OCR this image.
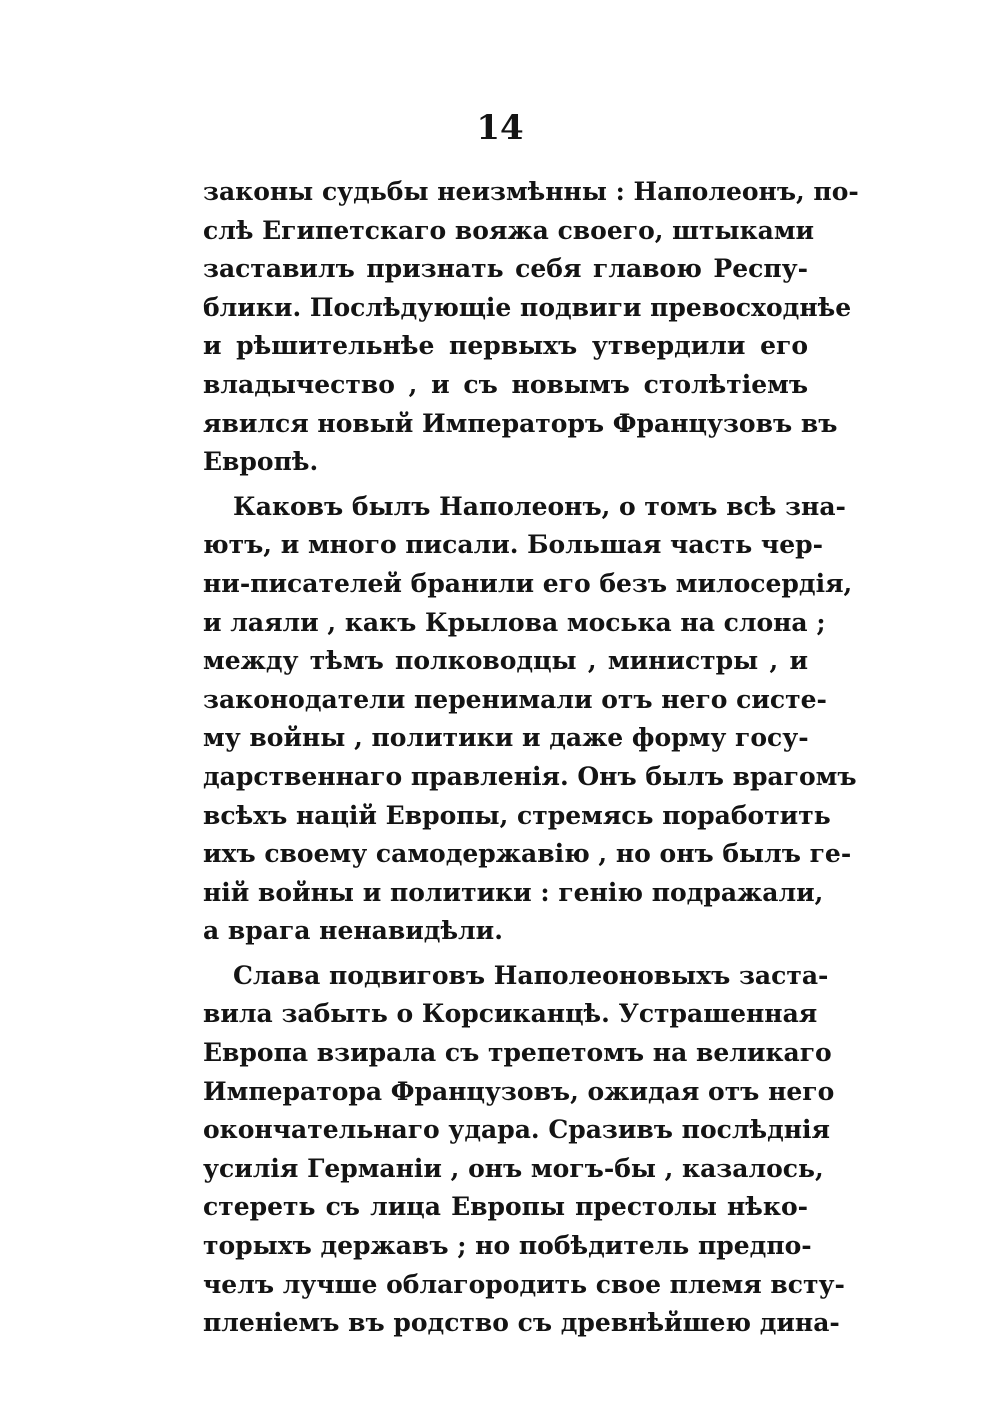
14
законы судьбы неизмѣнны : Наполеонъ, по-
слѣ Египетскаго вояжа своего, штыками
заставилъ признать себя главою Респу-
блики. Послѣдующіе подвиги превосходнѣе
и рѣшительнѣе первыхъ утвердили его
владычество , и съ новымъ столѣтіемъ
явился новый Императоръ Французовъ въ
Европѣ.
Каковъ былъ Наполеонъ, о томъ всѣ зна-
ютъ, и много писали. Большая часть чер-
ни-писателей бранили его безъ милосердія,
и лаяли , какъ Крылова моська на слона ;
между тѣмъ полководцы , министры , и
законодатели перенимали отъ него систе-
му войны , политики и даже форму госу-
дарственнаго правленія. Онъ былъ врагомъ
всѣхъ націй Европы, стремясь поработить
ихъ своему самодержавію , но онъ былъ ге-
ній войны и политики : генію подражали,
а врага ненавидѣли.
Слава подвиговъ Наполеоновыхъ заста-
вила забыть о Корсиканцѣ. Устрашенная
Европа взирала съ трепетомъ на великаго
Императора Французовъ, ожидая отъ него
окончательнаго удара. Сразивъ послѣднія
усилія Германіи , онъ могъ-бы , казалось,
стереть съ лица Европы престолы нѣко-
торыхъ державъ ; но побѣдитель предпо-
челъ лучше облагородить свое племя всту-
пленіемъ въ родство съ древнѣйшею дина-
